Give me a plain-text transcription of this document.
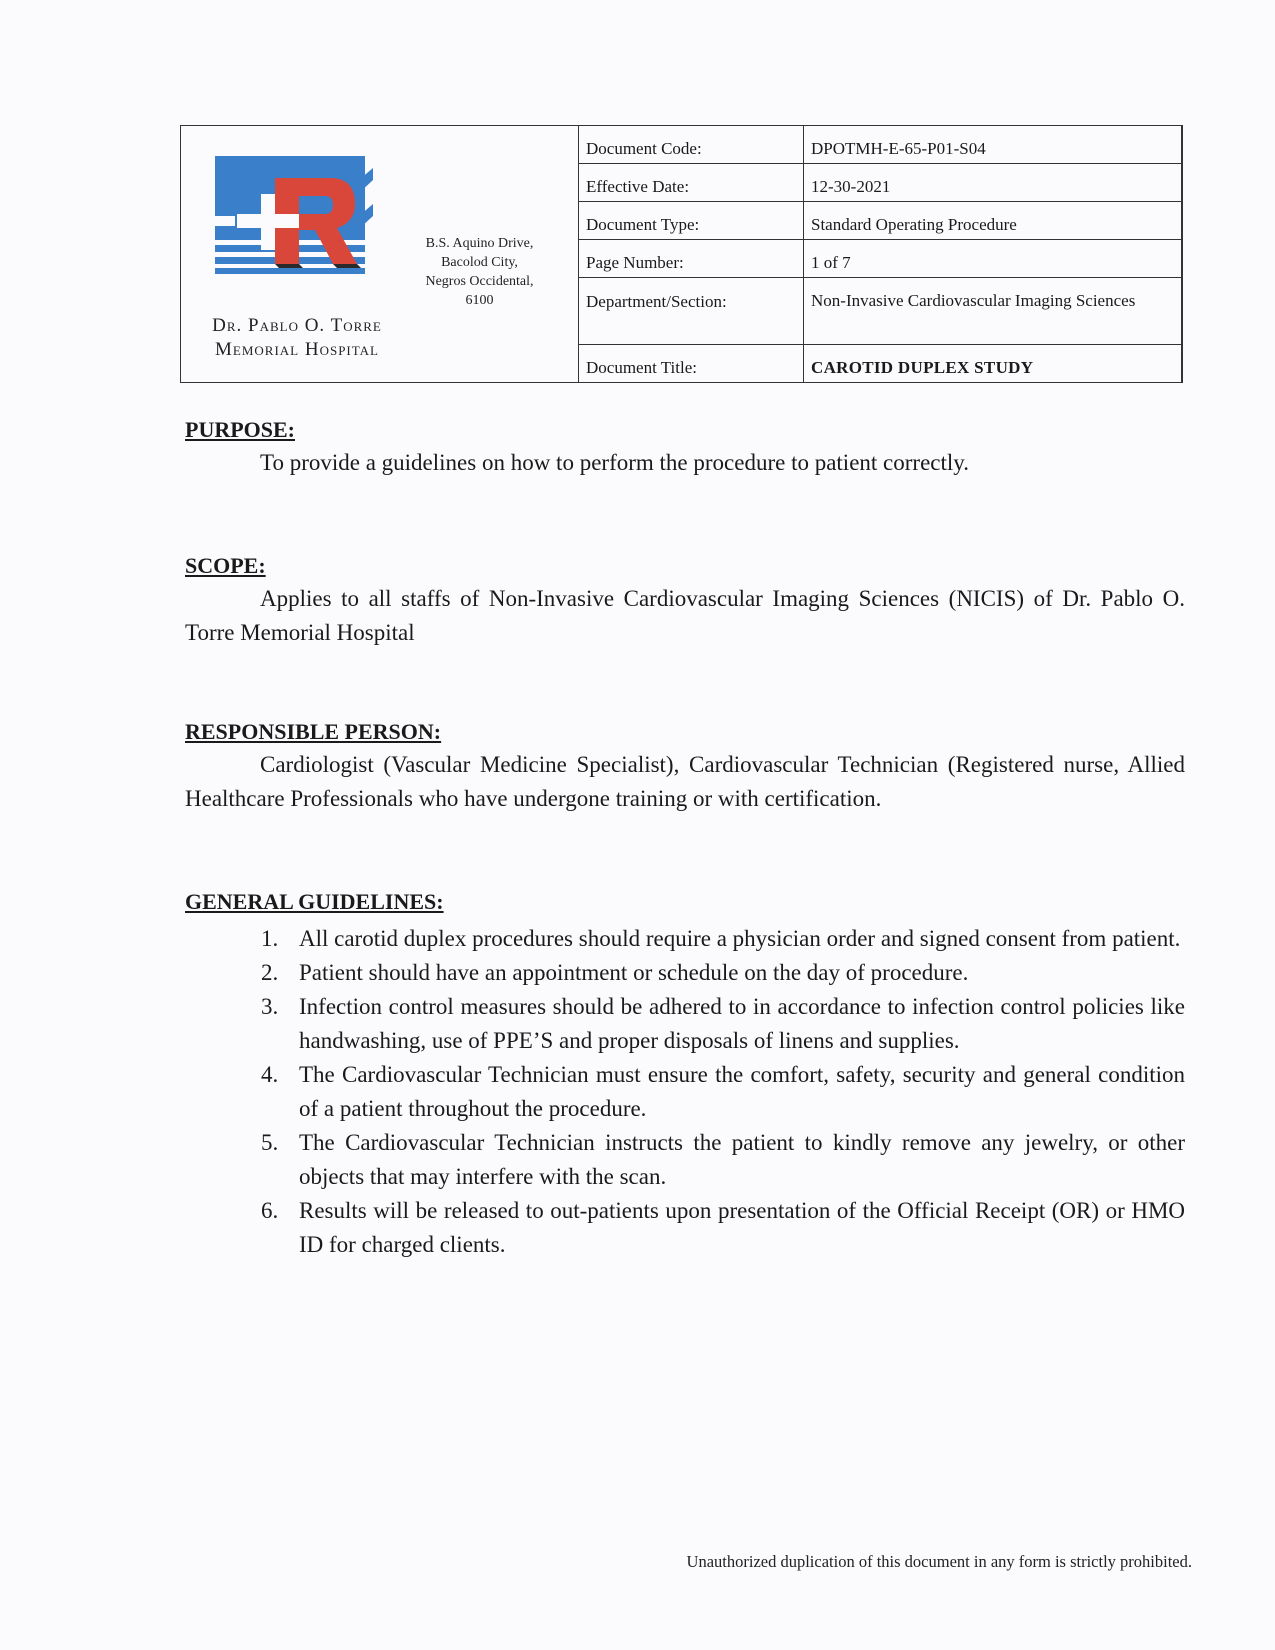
Dr. Pablo O. Torre
Memorial Hospital
B.S. Aquino Drive,
Bacolod City,
Negros Occidental,
6100
Document Code:	DPOTMH-E-65-P01-S04
Effective Date:	12-30-2021
Document Type:	Standard Operating Procedure
Page Number:	1 of 7
Department/Section:	Non-Invasive Cardiovascular Imaging Sciences
Document Title:	CAROTID DUPLEX STUDY
PURPOSE:

To provide a guidelines on how to perform the procedure to patient correctly.

SCOPE:

Applies to all staffs of Non-Invasive Cardiovascular Imaging Sciences (NICIS) of Dr. Pablo O. Torre Memorial Hospital

RESPONSIBLE PERSON:

Cardiologist (Vascular Medicine Specialist), Cardiovascular Technician (Registered nurse, Allied Healthcare Professionals who have undergone training or with certification.

GENERAL GUIDELINES:
1. All carotid duplex procedures should require a physician order and signed consent from patient.
2. Patient should have an appointment or schedule on the day of procedure.
3. Infection control measures should be adhered to in accordance to infection control policies like handwashing, use of PPE’S and proper disposals of linens and supplies.
4. The Cardiovascular Technician must ensure the comfort, safety, security and general condition of a patient throughout the procedure.
5. The Cardiovascular Technician instructs the patient to kindly remove any jewelry, or other objects that may interfere with the scan.
6. Results will be released to out-patients upon presentation of the Official Receipt (OR) or HMO ID for charged clients.
Unauthorized duplication of this document in any form is strictly prohibited.
